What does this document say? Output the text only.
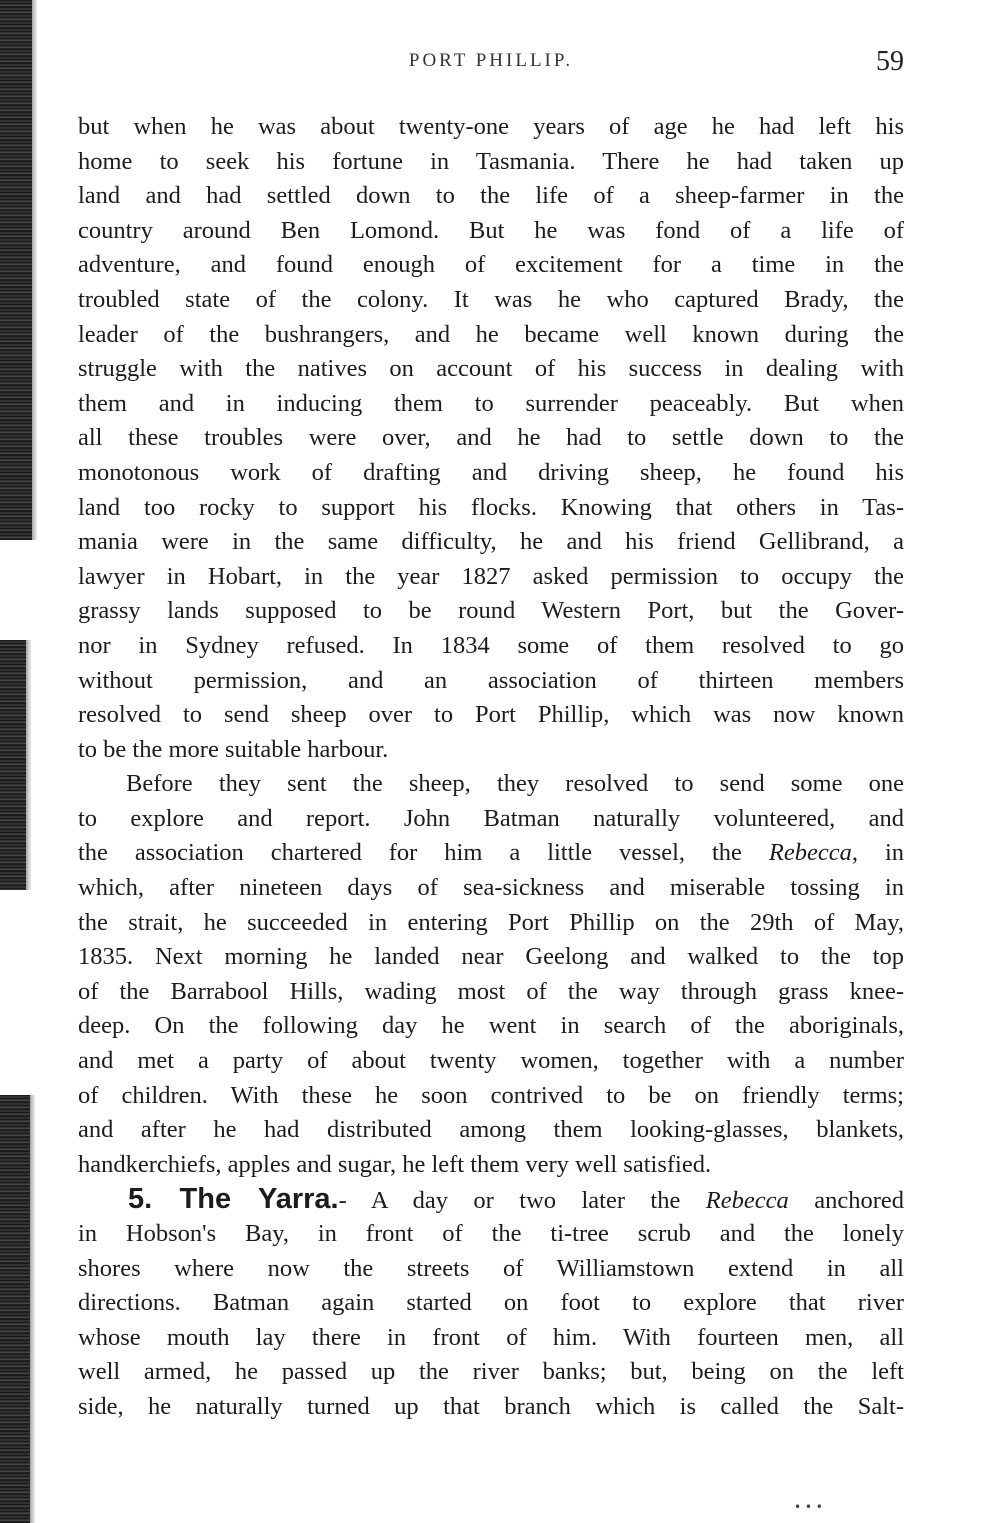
PORT PHILLIP.	59
but when he was about twenty-one years of age he had left his
home to seek his fortune in Tasmania. There he had taken up
land and had settled down to the life of a sheep-farmer in the
country around Ben Lomond. But he was fond of a life of
adventure, and found enough of excitement for a time in the
troubled state of the colony. It was he who captured Brady, the
leader of the bushrangers, and he became well known during the
struggle with the natives on account of his success in dealing with
them and in inducing them to surrender peaceably. But when
all these troubles were over, and he had to settle down to the
monotonous work of drafting and driving sheep, he found his
land too rocky to support his flocks. Knowing that others in Tas-
mania were in the same difficulty, he and his friend Gellibrand, a
lawyer in Hobart, in the year 1827 asked permission to occupy the
grassy lands supposed to be round Western Port, but the Gover-
nor in Sydney refused. In 1834 some of them resolved to go
without permission, and an association of thirteen members
resolved to send sheep over to Port Phillip, which was now known
to be the more suitable harbour.
Before they sent the sheep, they resolved to send some one
to explore and report. John Batman naturally volunteered, and
the association chartered for him a little vessel, the Rebecca, in
which, after nineteen days of sea-sickness and miserable tossing in
the strait, he succeeded in entering Port Phillip on the 29th of May,
1835. Next morning he landed near Geelong and walked to the top
of the Barrabool Hills, wading most of the way through grass knee-
deep. On the following day he went in search of the aboriginals,
and met a party of about twenty women, together with a number
of children. With these he soon contrived to be on friendly terms;
and after he had distributed among them looking-glasses, blankets,
handkerchiefs, apples and sugar, he left them very well satisfied.
5. The Yarra.- A day or two later the Rebecca anchored
in Hobson's Bay, in front of the ti-tree scrub and the lonely
shores where now the streets of Williamstown extend in all
directions. Batman again started on foot to explore that river
whose mouth lay there in front of him. With fourteen men, all
well armed, he passed up the river banks; but, being on the left
side, he naturally turned up that branch which is called the Salt-
• • •
